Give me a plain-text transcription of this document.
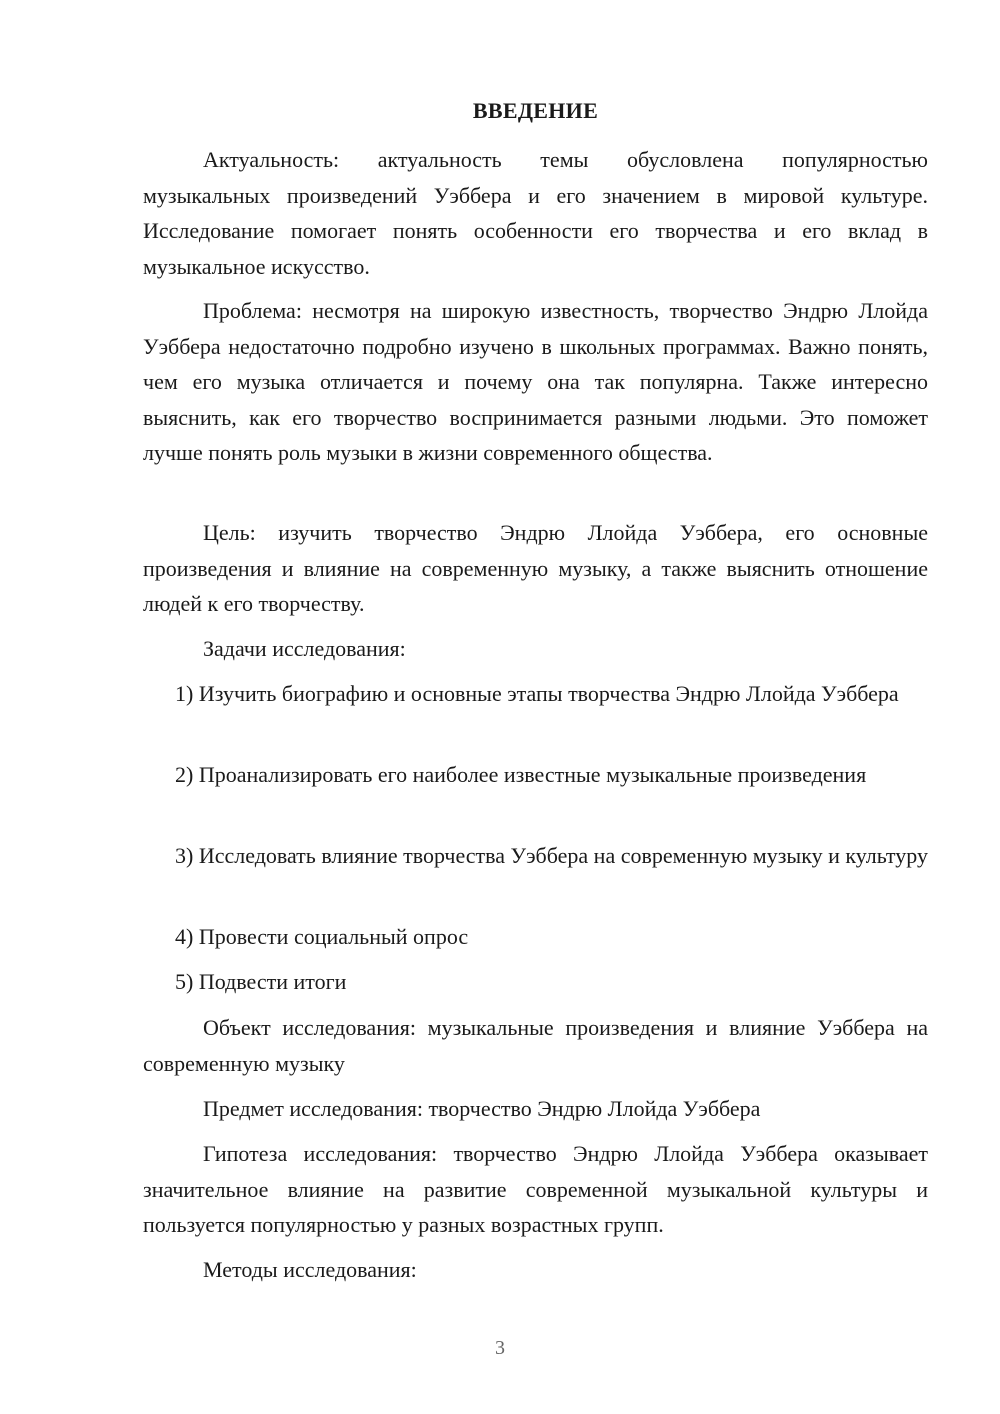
ВВЕДЕНИЕ

Актуальность: актуальность темы обусловлена популярностью музыкальных произведений Уэббера и его значением в мировой культуре. Исследование помогает понять особенности его творчества и его вклад в музыкальное искусство.

Проблема: несмотря на широкую известность, творчество Эндрю Ллойда Уэббера недостаточно подробно изучено в школьных программах. Важно понять, чем его музыка отличается и почему она так популярна. Также интересно выяснить, как его творчество воспринимается разными людьми. Это поможет лучше понять роль музыки в жизни современного общества.

Цель: изучить творчество Эндрю Ллойда Уэббера, его основные произведения и влияние на современную музыку, а также выяснить отношение людей к его творчеству.

Задачи исследования:

1) Изучить биографию и основные этапы творчества Эндрю Ллойда Уэббера

2) Проанализировать его наиболее известные музыкальные произведения

3) Исследовать влияние творчества Уэббера на современную музыку и культуру

4) Провести социальный опрос

5) Подвести итоги

Объект исследования: музыкальные произведения и влияние Уэббера на современную музыку

Предмет исследования: творчество Эндрю Ллойда Уэббера

Гипотеза исследования: творчество Эндрю Ллойда Уэббера оказывает значительное влияние на развитие современной музыкальной культуры и пользуется популярностью у разных возрастных групп.

Методы исследования:

3
